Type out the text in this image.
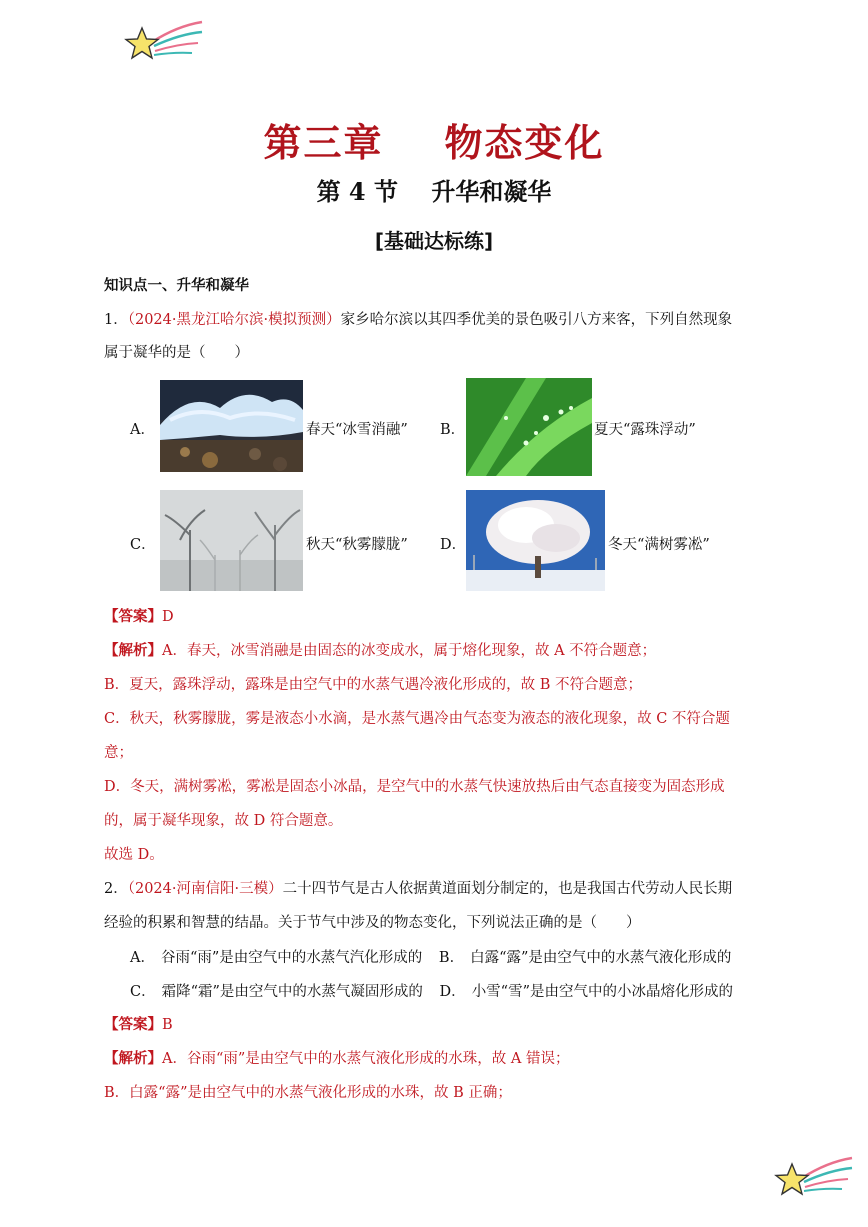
第三章    物态变化
第 4 节    升华和凝华
[基础达标练]
知识点一、升华和凝华
1．（2024·黑龙江哈尔滨·模拟预测）家乡哈尔滨以其四季优美的景色吸引八方来客，下列自然现象
属于凝华的是（　　）
A．	春天“冰雪消融” B．	夏天“露珠浮动”
C．	秋天“秋雾朦胧” D．	冬天“满树雾凇”
【答案】D
【解析】A．春天，冰雪消融是由固态的冰变成水，属于熔化现象，故 A 不符合题意；
B．夏天，露珠浮动，露珠是由空气中的水蒸气遇冷液化形成的，故 B 不符合题意；
C．秋天，秋雾朦胧，雾是液态小水滴，是水蒸气遇冷由气态变为液态的液化现象，故 C 不符合题
意；
D．冬天，满树雾凇，雾凇是固态小冰晶，是空气中的水蒸气快速放热后由气态直接变为固态形成
的，属于凝华现象，故 D 符合题意。
故选 D。
2．（2024·河南信阳·三模）二十四节气是古人依据黄道面划分制定的，也是我国古代劳动人民长期
经验的积累和智慧的结晶。关于节气中涉及的物态变化，下列说法正确的是（　　）
A． 谷雨“雨”是由空气中的水蒸气汽化形成的 B． 白露“露”是由空气中的水蒸气液化形成的
C． 霜降“霜”是由空气中的水蒸气凝固形成的 D． 小雪“雪”是由空气中的小冰晶熔化形成的
【答案】B
【解析】A．谷雨“雨”是由空气中的水蒸气液化形成的水珠，故 A 错误；
B．白露“露”是由空气中的水蒸气液化形成的水珠，故 B 正确；
